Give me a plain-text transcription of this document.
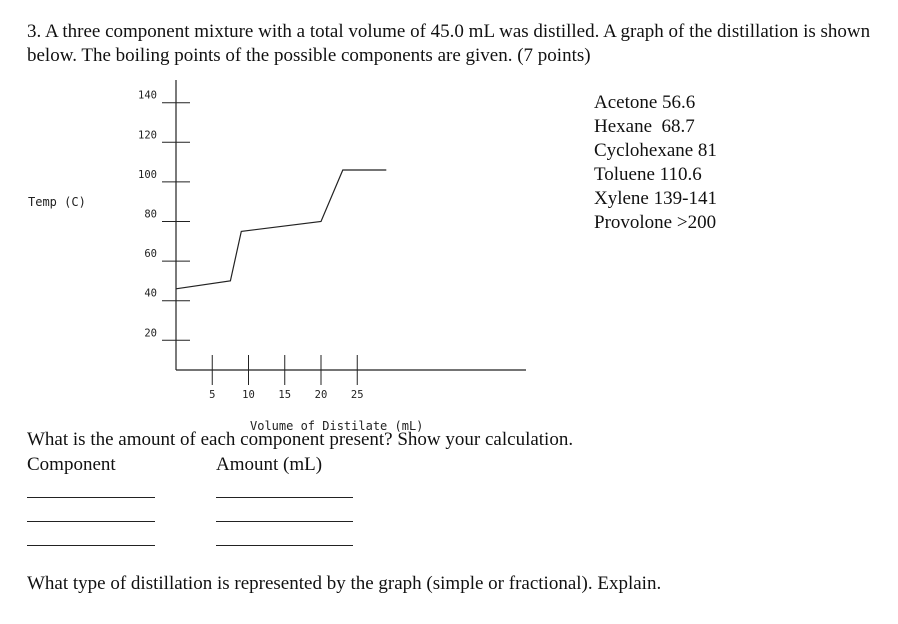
3. A three component mixture with a total volume of 45.0 mL was distilled. A graph of the distillation is shown below. The boiling points of the possible components are given. (7 points)

140
120
100
80
60
40
20
5	10 15 20 25
Temp (C)
Volume of Distilate (mL)
Acetone 56.6
Hexane  68.7
Cyclohexane 81
Toluene 110.6
Xylene 139-141
Provolone >200

What is the amount of each component present? Show your calculation.

Component	Amount (mL)

What type of distillation is represented by the graph (simple or fractional). Explain.
